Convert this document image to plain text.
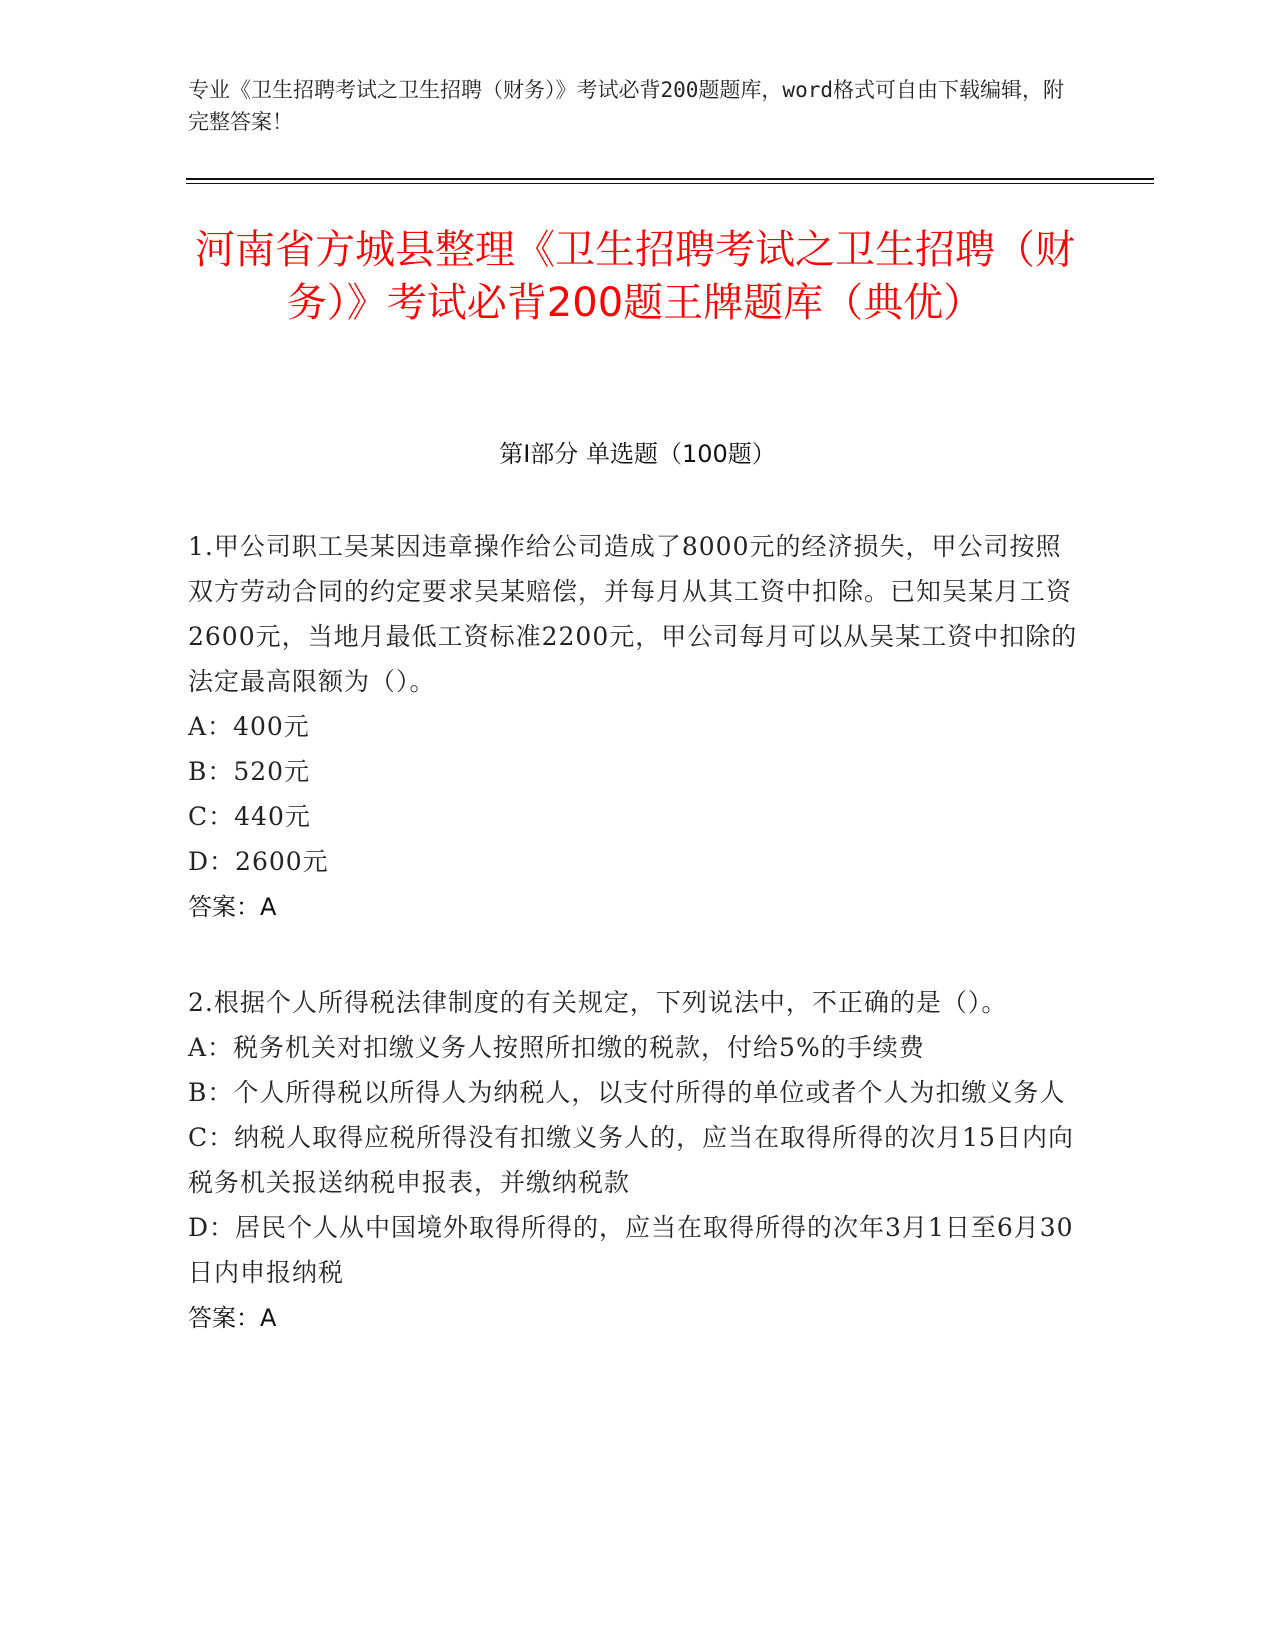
专业《卫生招聘考试之卫生招聘（财务）》考试必背200题题库，word格式可自由下载编辑，附完整答案！
河南省方城县整理《卫生招聘考试之卫生招聘（财务）》考试必背200题王牌题库（典优）
第Ⅰ部分 单选题（100题）
1.甲公司职工吴某因违章操作给公司造成了8000元的经济损失，甲公司按照双方劳动合同的约定要求吴某赔偿，并每月从其工资中扣除。已知吴某月工资2600元，当地月最低工资标准2200元，甲公司每月可以从吴某工资中扣除的法定最高限额为（）。
A：400元
B：520元
C：440元
D：2600元
答案：A
2.根据个人所得税法律制度的有关规定，下列说法中，不正确的是（）。
A：税务机关对扣缴义务人按照所扣缴的税款，付给5%的手续费
B：个人所得税以所得人为纳税人，以支付所得的单位或者个人为扣缴义务人
C：纳税人取得应税所得没有扣缴义务人的，应当在取得所得的次月15日内向税务机关报送纳税申报表，并缴纳税款
D：居民个人从中国境外取得所得的，应当在取得所得的次年3月1日至6月30日内申报纳税
答案：A
